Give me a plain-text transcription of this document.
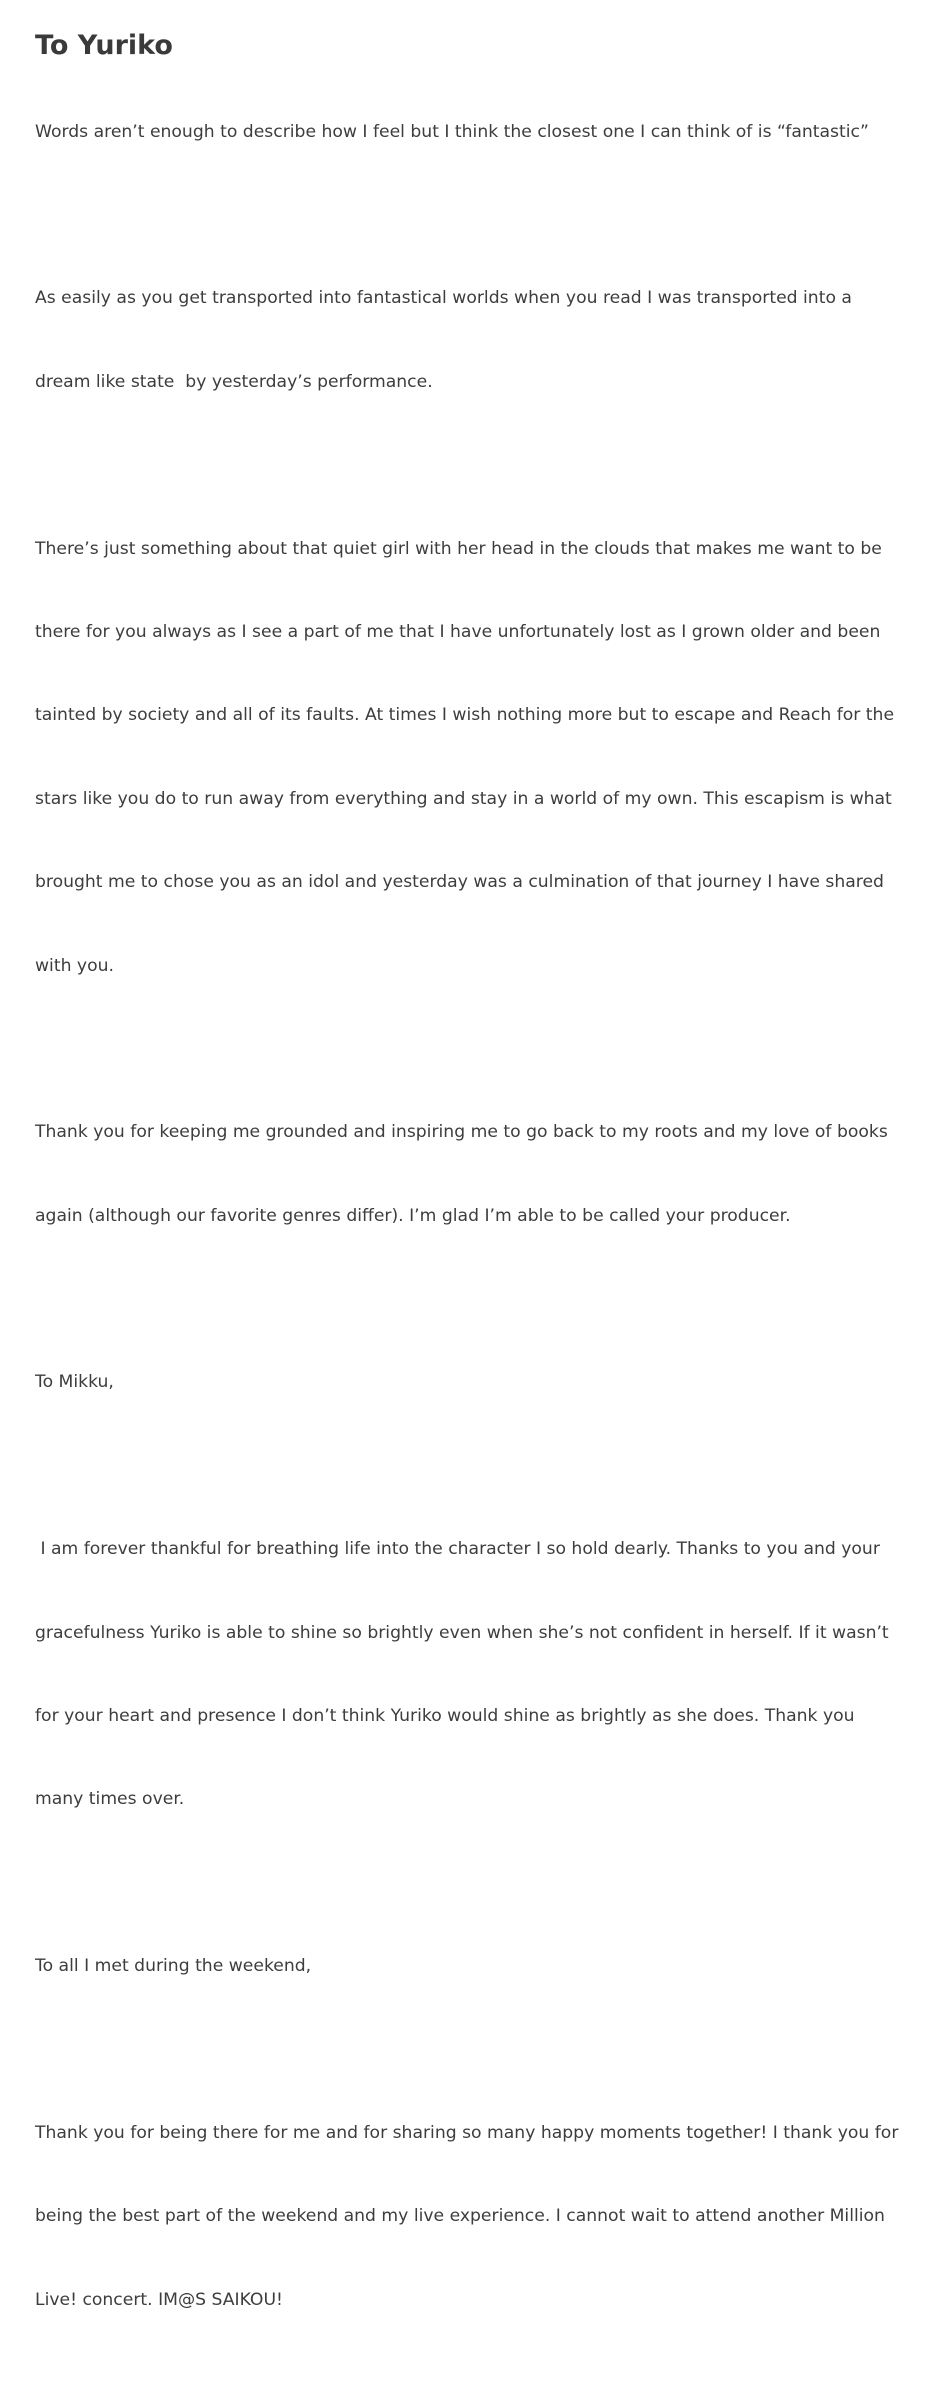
To Yuriko

Words aren’t enough to describe how I feel but I think the closest one I can think of is “fantastic”

As easily as you get transported into fantastical worlds when you read I was transported into a

dream like state  by yesterday’s performance.

There’s just something about that quiet girl with her head in the clouds that makes me want to be

there for you always as I see a part of me that I have unfortunately lost as I grown older and been

tainted by society and all of its faults. At times I wish nothing more but to escape and Reach for the

stars like you do to run away from everything and stay in a world of my own. This escapism is what

brought me to chose you as an idol and yesterday was a culmination of that journey I have shared

with you.

Thank you for keeping me grounded and inspiring me to go back to my roots and my love of books

again (although our favorite genres differ). I’m glad I’m able to be called your producer.

To Mikku,

I am forever thankful for breathing life into the character I so hold dearly. Thanks to you and your

gracefulness Yuriko is able to shine so brightly even when she’s not confident in herself. If it wasn’t

for your heart and presence I don’t think Yuriko would shine as brightly as she does. Thank you

many times over.

To all I met during the weekend,

Thank you for being there for me and for sharing so many happy moments together! I thank you for

being the best part of the weekend and my live experience. I cannot wait to attend another Million

Live! concert. IM@S SAIKOU!
